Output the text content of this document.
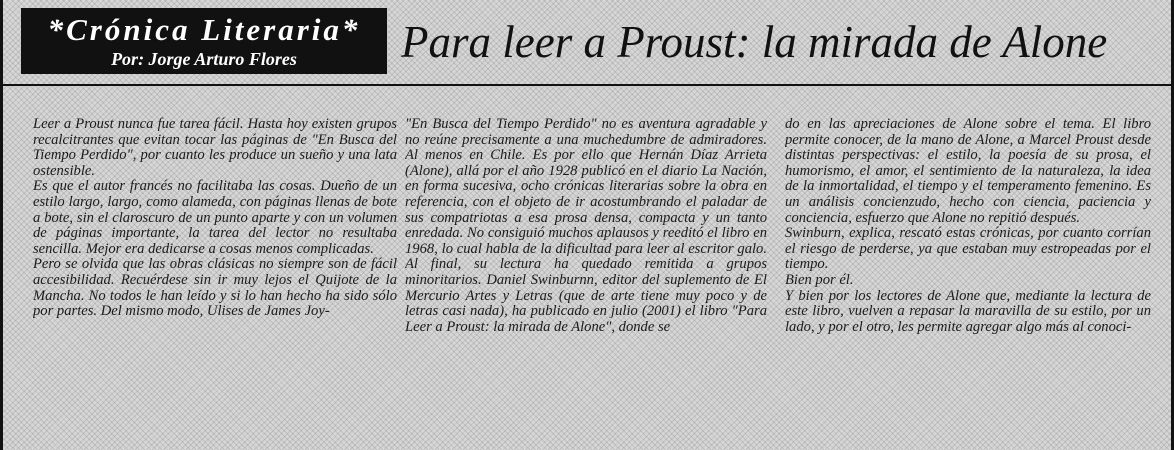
*Crónica Literaria*
Por: Jorge Arturo Flores	Para leer a Proust: la mirada de Alone

Leer a Proust nunca fue tarea fácil. Hasta hoy existen grupos recalcitrantes que evitan tocar las páginas de "En Busca del Tiempo Perdido", por cuanto les produce un sueño y una lata ostensible.

Es que el autor francés no facilitaba las cosas. Dueño de un estilo largo, largo, como alameda, con páginas llenas de bote a bote, sin el claroscuro de un punto aparte y con un volumen de páginas importante, la tarea del lector no resultaba sencilla. Mejor era dedicarse a cosas menos complicadas.

Pero se olvida que las obras clásicas no siempre son de fácil accesibilidad. Recuérdese sin ir muy lejos el Quijote de la Mancha. No todos le han leído y si lo han hecho ha sido sólo por partes. Del mismo modo, Ulises de James Joy-

"En Busca del Tiempo Perdido" no es aventura agradable y no reúne precisamente a una muchedumbre de admiradores. Al menos en Chile. Es por ello que Hernán Díaz Arrieta (Alone), allá por el año 1928 publicó en el diario La Nación, en forma sucesiva, ocho crónicas literarias sobre la obra en referencia, con el objeto de ir acostumbrando el paladar de sus compatriotas a esa prosa densa, compacta y un tanto enredada. No consiguió muchos aplausos y reeditó el libro en 1968, lo cual habla de la dificultad para leer al escritor galo. Al final, su lectura ha quedado remitida a grupos minoritarios. Daniel Swinburnn, editor del suplemento de El Mercurio Artes y Letras (que de arte tiene muy poco y de letras casi nada), ha publicado en julio (2001) el libro "Para Leer a Proust: la mirada de Alone", donde se

do en las apreciaciones de Alone sobre el tema. El libro permite conocer, de la mano de Alone, a Marcel Proust desde distintas perspectivas: el estilo, la poesía de su prosa, el humorismo, el amor, el sentimiento de la naturaleza, la idea de la inmortalidad, el tiempo y el temperamento femenino. Es un análisis concienzudo, hecho con ciencia, paciencia y conciencia, esfuerzo que Alone no repitió después.

Swinburn, explica, rescató estas crónicas, por cuanto corrían el riesgo de perderse, ya que estaban muy estropeadas por el tiempo.

Bien por él.

Y bien por los lectores de Alone que, mediante la lectura de este libro, vuelven a repasar la maravilla de su estilo, por un lado, y por el otro, les permite agregar algo más al conoci-
